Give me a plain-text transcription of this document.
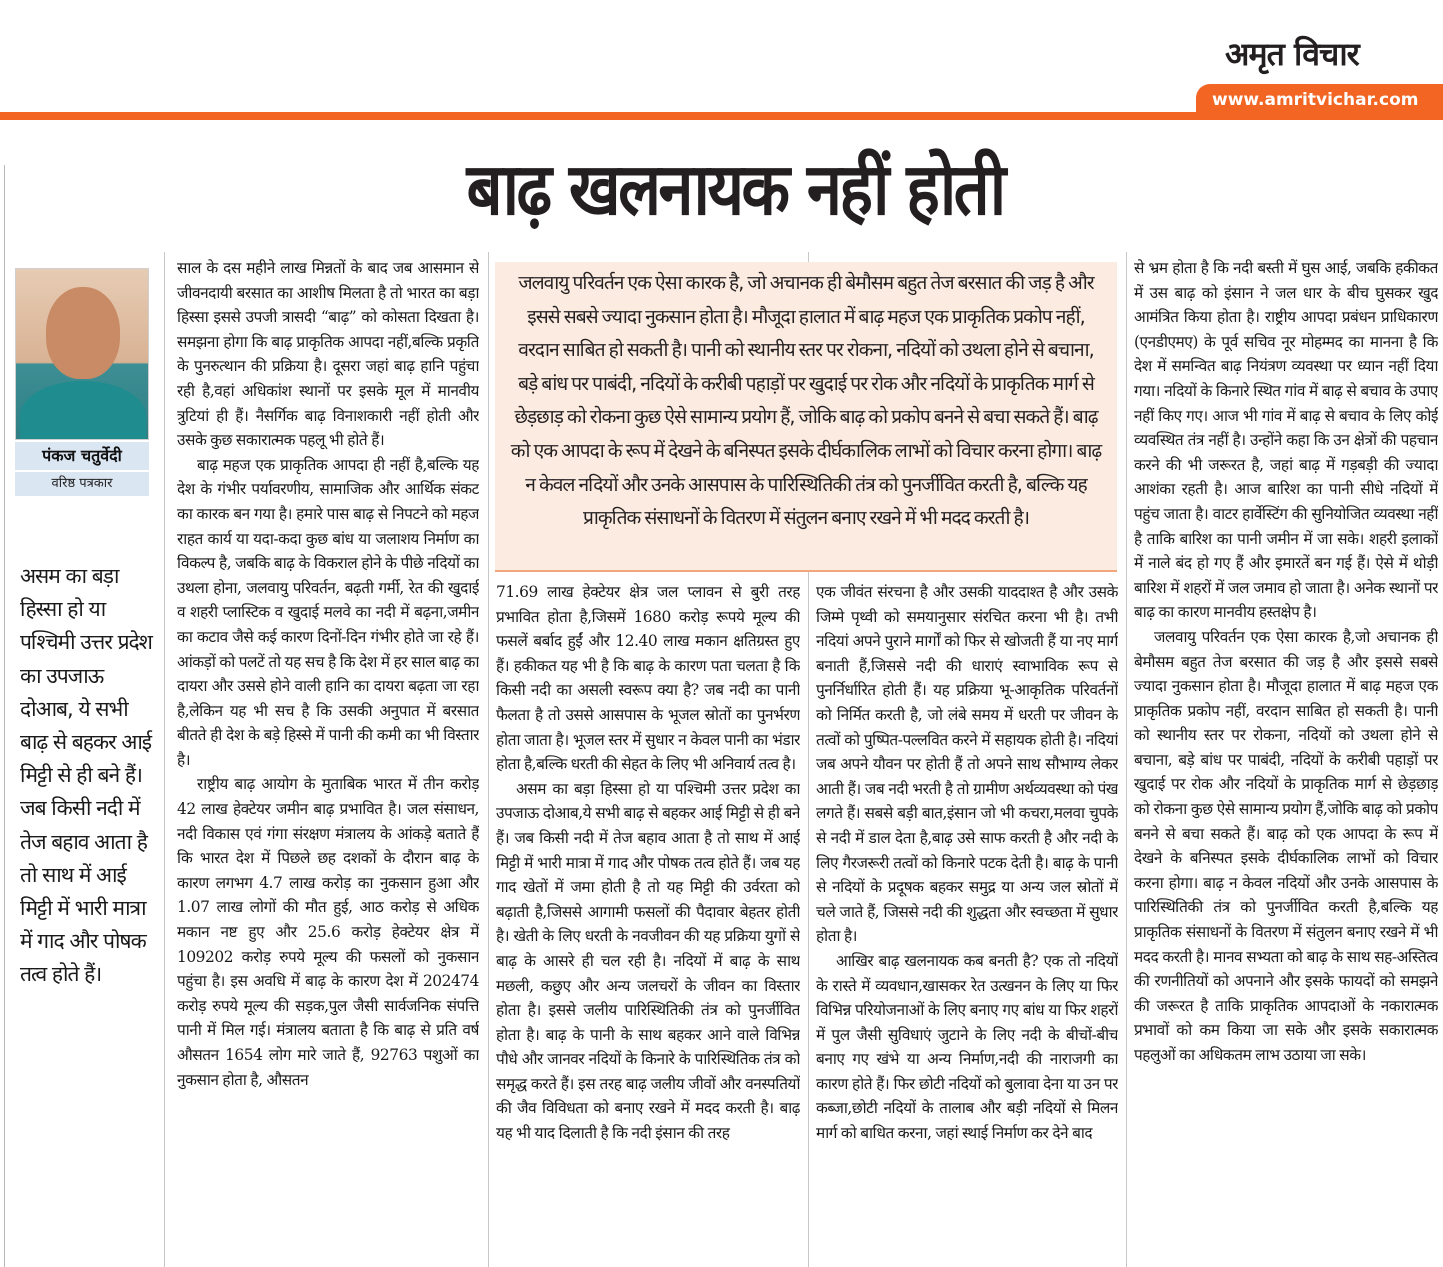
अमृत विचार
www.amritvichar.com
बाढ़ खलनायक नहीं होती
पंकज चतुर्वेदी
वरिष्ठ पत्रकार
असम का बड़ा हिस्सा हो या पश्चिमी उत्तर प्रदेश का उपजाऊ दोआब, ये सभी बाढ़ से बहकर आई मिट्टी से ही बने हैं। जब किसी नदी में तेज बहाव आता है तो साथ में आई मिट्टी में भारी मात्रा में गाद और पोषक तत्व होते हैं।

साल के दस महीने लाख मिन्नतों के बाद जब आसमान से जीवनदायी बरसात का आशीष मिलता है तो भारत का बड़ा हिस्सा इससे उपजी त्रासदी “बाढ़” को कोसता दिखता है। समझना होगा कि बाढ़ प्राकृतिक आपदा नहीं,बल्कि प्रकृति के पुनरुत्थान की प्रक्रिया है। दूसरा जहां बाढ़ हानि पहुंचा रही है,वहां अधिकांश स्थानों पर इसके मूल में मानवीय त्रुटियां ही हैं। नैसर्गिक बाढ़ विनाशकारी नहीं होती और उसके कुछ सकारात्मक पहलू भी होते हैं।

बाढ़ महज एक प्राकृतिक आपदा ही नहीं है,बल्कि यह देश के गंभीर पर्यावरणीय, सामाजिक और आर्थिक संकट का कारक बन गया है। हमारे पास बाढ़ से निपटने को महज राहत कार्य या यदा-कदा कुछ बांध या जलाशय निर्माण का विकल्प है, जबकि बाढ़ के विकराल होने के पीछे नदियों का उथला होना, जलवायु परिवर्तन, बढ़ती गर्मी, रेत की खुदाई व शहरी प्लास्टिक व खुदाई मलवे का नदी में बढ़ना,जमीन का कटाव जैसे कई कारण दिनों-दिन गंभीर होते जा रहे हैं। आंकड़ों को पलटें तो यह सच है कि देश में हर साल बाढ़ का दायरा और उससे होने वाली हानि का दायरा बढ़ता जा रहा है,लेकिन यह भी सच है कि उसकी अनुपात में बरसात बीतते ही देश के बड़े हिस्से में पानी की कमी का भी विस्तार है।

राष्ट्रीय बाढ़ आयोग के मुताबिक भारत में तीन करोड़ 42 लाख हेक्टेयर जमीन बाढ़ प्रभावित है। जल संसाधन, नदी विकास एवं गंगा संरक्षण मंत्रालय के आंकड़े बताते हैं कि भारत देश में पिछले छह दशकों के दौरान बाढ़ के कारण लगभग 4.7 लाख करोड़ का नुकसान हुआ और 1.07 लाख लोगों की मौत हुई, आठ करोड़ से अधिक मकान नष्ट हुए और 25.6 करोड़ हेक्टेयर क्षेत्र में 109202 करोड़ रुपये मूल्य की फसलों को नुकसान पहुंचा है। इस अवधि में बाढ़ के कारण देश में 202474 करोड़ रुपये मूल्य की सड़क,पुल जैसी सार्वजनिक संपत्ति पानी में मिल गई। मंत्रालय बताता है कि बाढ़ से प्रति वर्ष औसतन 1654 लोग मारे जाते हैं, 92763 पशुओं का नुकसान होता है, औसतन

जलवायु परिवर्तन एक ऐसा कारक है, जो अचानक ही बेमौसम बहुत तेज बरसात की जड़ है और इससे सबसे ज्यादा नुकसान होता है। मौजूदा हालात में बाढ़ महज एक प्राकृतिक प्रकोप नहीं, वरदान साबित हो सकती है। पानी को स्थानीय स्तर पर रोकना, नदियों को उथला होने से बचाना, बड़े बांध पर पाबंदी, नदियों के करीबी पहाड़ों पर खुदाई पर रोक और नदियों के प्राकृतिक मार्ग से छेड़छाड़ को रोकना कुछ ऐसे सामान्य प्रयोग हैं, जोकि बाढ़ को प्रकोप बनने से बचा सकते हैं। बाढ़ को एक आपदा के रूप में देखने के बनिस्पत इसके दीर्घकालिक लाभों को विचार करना होगा। बाढ़ न केवल नदियों और उनके आसपास के पारिस्थितिकी तंत्र को पुनर्जीवित करती है, बल्कि यह प्राकृतिक संसाधनों के वितरण में संतुलन बनाए रखने में भी मदद करती है।

71.69 लाख हेक्टेयर क्षेत्र जल प्लावन से बुरी तरह प्रभावित होता है,जिसमें 1680 करोड़ रूपये मूल्य की फसलें बर्बाद हुईं और 12.40 लाख मकान क्षतिग्रस्त हुए हैं। हकीकत यह भी है कि बाढ़ के कारण पता चलता है कि किसी नदी का असली स्वरूप क्या है? जब नदी का पानी फैलता है तो उससे आसपास के भूजल स्रोतों का पुनर्भरण होता जाता है। भूजल स्तर में सुधार न केवल पानी का भंडार होता है,बल्कि धरती की सेहत के लिए भी अनिवार्य तत्व है।

असम का बड़ा हिस्सा हो या पश्चिमी उत्तर प्रदेश का उपजाऊ दोआब,ये सभी बाढ़ से बहकर आई मिट्टी से ही बने हैं। जब किसी नदी में तेज बहाव आता है तो साथ में आई मिट्टी में भारी मात्रा में गाद और पोषक तत्व होते हैं। जब यह गाद खेतों में जमा होती है तो यह मिट्टी की उर्वरता को बढ़ाती है,जिससे आगामी फसलों की पैदावार बेहतर होती है। खेती के लिए धरती के नवजीवन की यह प्रक्रिया युगों से बाढ़ के आसरे ही चल रही है। नदियों में बाढ़ के साथ मछली, कछुए और अन्य जलचरों के जीवन का विस्तार होता है। इससे जलीय पारिस्थितिकी तंत्र को पुनर्जीवित होता है। बाढ़ के पानी के साथ बहकर आने वाले विभिन्न पौधे और जानवर नदियों के किनारे के पारिस्थितिक तंत्र को समृद्ध करते हैं। इस तरह बाढ़ जलीय जीवों और वनस्पतियों की जैव विविधता को बनाए रखने में मदद करती है। बाढ़ यह भी याद दिलाती है कि नदी इंसान की तरह

एक जीवंत संरचना है और उसकी याददाश्त है और उसके जिम्मे पृथ्वी को समयानुसार संरचित करना भी है। तभी नदियां अपने पुराने मार्गों को फिर से खोजती हैं या नए मार्ग बनाती हैं,जिससे नदी की धाराएं स्वाभाविक रूप से पुनर्निर्धारित होती हैं। यह प्रक्रिया भू-आकृतिक परिवर्तनों को निर्मित करती है, जो लंबे समय में धरती पर जीवन के तत्वों को पुष्पित-पल्लवित करने में सहायक होती है। नदियां जब अपने यौवन पर होती हैं तो अपने साथ सौभाग्य लेकर आती हैं। जब नदी भरती है तो ग्रामीण अर्थव्यवस्था को पंख लगते हैं। सबसे बड़ी बात,इंसान जो भी कचरा,मलवा चुपके से नदी में डाल देता है,बाढ़ उसे साफ करती है और नदी के लिए गैरजरूरी तत्वों को किनारे पटक देती है। बाढ़ के पानी से नदियों के प्रदूषक बहकर समुद्र या अन्य जल स्रोतों में चले जाते हैं, जिससे नदी की शुद्धता और स्वच्छता में सुधार होता है।

आखिर बाढ़ खलनायक कब बनती है? एक तो नदियों के रास्ते में व्यवधान,खासकर रेत उत्खनन के लिए या फिर विभिन्न परियोजनाओं के लिए बनाए गए बांध या फिर शहरों में पुल जैसी सुविधाएं जुटाने के लिए नदी के बीचों-बीच बनाए गए खंभे या अन्य निर्माण,नदी की नाराजगी का कारण होते हैं। फिर छोटी नदियों को बुलावा देना या उन पर कब्जा,छोटी नदियों के तालाब और बड़ी नदियों से मिलन मार्ग को बाधित करना, जहां स्थाई निर्माण कर देने बाद

से भ्रम होता है कि नदी बस्ती में घुस आई, जबकि हकीकत में उस बाढ़ को इंसान ने जल धार के बीच घुसकर खुद आमंत्रित किया होता है। राष्ट्रीय आपदा प्रबंधन प्राधिकारण (एनडीएमए) के पूर्व सचिव नूर मोहम्मद का मानना है कि देश में समन्वित बाढ़ नियंत्रण व्यवस्था पर ध्यान नहीं दिया गया। नदियों के किनारे स्थित गांव में बाढ़ से बचाव के उपाए नहीं किए गए। आज भी गांव में बाढ़ से बचाव के लिए कोई व्यवस्थित तंत्र नहीं है। उन्होंने कहा कि उन क्षेत्रों की पहचान करने की भी जरूरत है, जहां बाढ़ में गड़बड़ी की ज्यादा आशंका रहती है। आज बारिश का पानी सीधे नदियों में पहुंच जाता है। वाटर हार्वेस्टिंग की सुनियोजित व्यवस्था नहीं है ताकि बारिश का पानी जमीन में जा सके। शहरी इलाकों में नाले बंद हो गए हैं और इमारतें बन गई हैं। ऐसे में थोड़ी बारिश में शहरों में जल जमाव हो जाता है। अनेक स्थानों पर बाढ़ का कारण मानवीय हस्तक्षेप है।

जलवायु परिवर्तन एक ऐसा कारक है,जो अचानक ही बेमौसम बहुत तेज बरसात की जड़ है और इससे सबसे ज्यादा नुकसान होता है। मौजूदा हालात में बाढ़ महज एक प्राकृतिक प्रकोप नहीं, वरदान साबित हो सकती है। पानी को स्थानीय स्तर पर रोकना, नदियों को उथला होने से बचाना, बड़े बांध पर पाबंदी, नदियों के करीबी पहाड़ों पर खुदाई पर रोक और नदियों के प्राकृतिक मार्ग से छेड़छाड़ को रोकना कुछ ऐसे सामान्य प्रयोग हैं,जोकि बाढ़ को प्रकोप बनने से बचा सकते हैं। बाढ़ को एक आपदा के रूप में देखने के बनिस्पत इसके दीर्घकालिक लाभों को विचार करना होगा। बाढ़ न केवल नदियों और उनके आसपास के पारिस्थितिकी तंत्र को पुनर्जीवित करती है,बल्कि यह प्राकृतिक संसाधनों के वितरण में संतुलन बनाए रखने में भी मदद करती है। मानव सभ्यता को बाढ़ के साथ सह-अस्तित्व की रणनीतियों को अपनाने और इसके फायदों को समझने की जरूरत है ताकि प्राकृतिक आपदाओं के नकारात्मक प्रभावों को कम किया जा सके और इसके सकारात्मक पहलुओं का अधिकतम लाभ उठाया जा सके।
